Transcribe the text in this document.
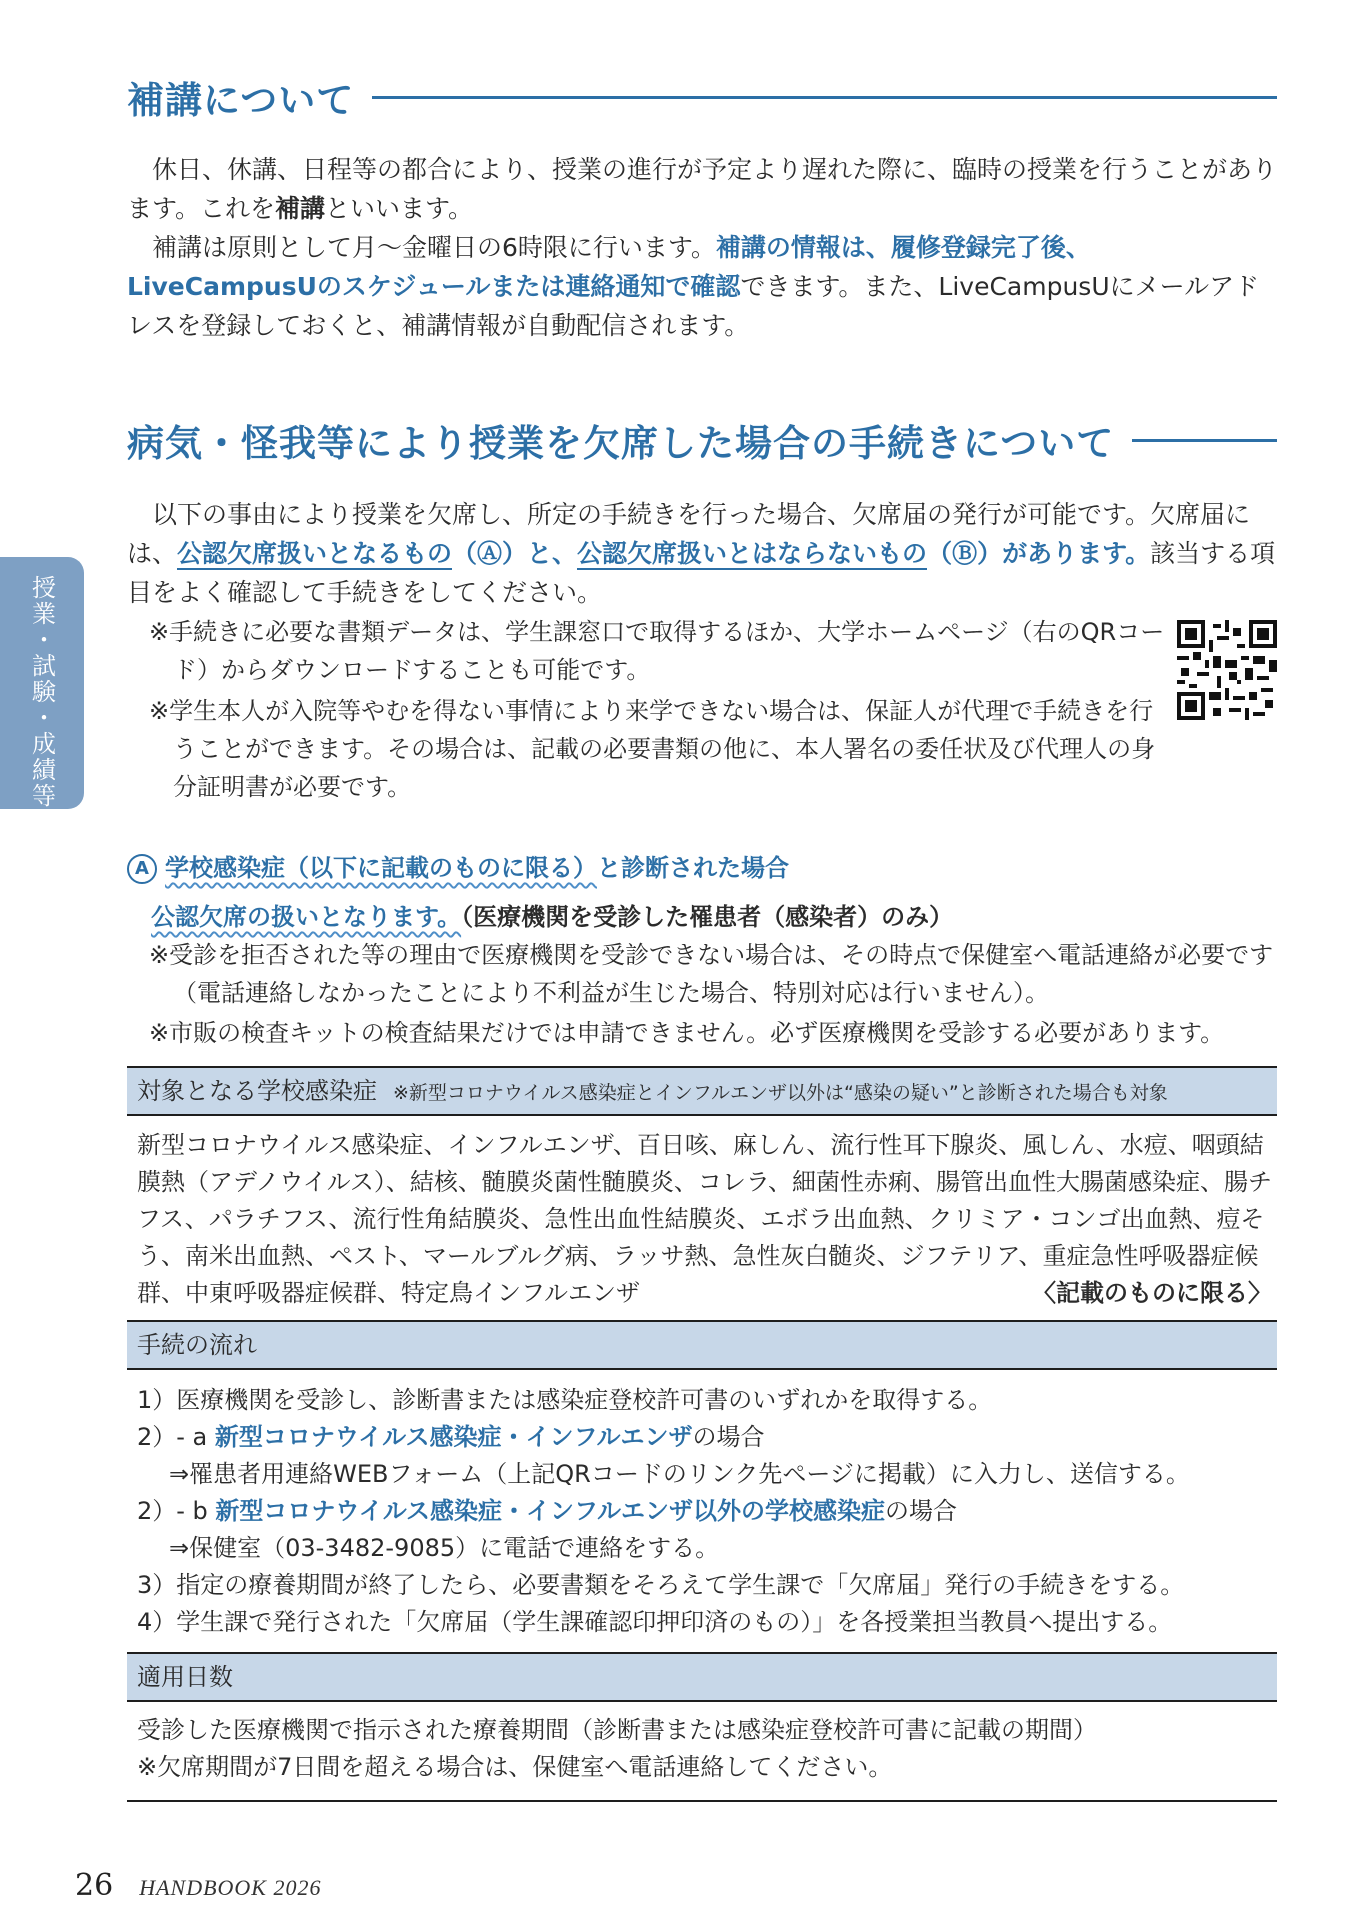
授業・試験・成績等
補講について

休日、休講、日程等の都合により、授業の進行が予定より遅れた際に、臨時の授業を行うことがあります。これを補講といいます。

補講は原則として月～金曜日の6時限に行います。補講の情報は、履修登録完了後、LiveCampusUのスケジュールまたは連絡通知で確認できます。また、LiveCampusUにメールアドレスを登録しておくと、補講情報が自動配信されます。

病気・怪我等により授業を欠席した場合の手続きについて

以下の事由により授業を欠席し、所定の手続きを行った場合、欠席届の発行が可能です。欠席届には、公認欠席扱いとなるもの（Ⓐ）と、公認欠席扱いとはならないもの（Ⓑ）があります。該当する項目をよく確認して手続きをしてください。

※手続きに必要な書類データは、学生課窓口で取得するほか、大学ホームページ（右のQRコード）からダウンロードすることも可能です。

※学生本人が入院等やむを得ない事情により来学できない場合は、保証人が代理で手続きを行うことができます。その場合は、記載の必要書類の他に、本人署名の委任状及び代理人の身分証明書が必要です。

A 学校感染症（以下に記載のものに限る）と診断された場合

公認欠席の扱いとなります。（医療機関を受診した罹患者（感染者）のみ）

※受診を拒否された等の理由で医療機関を受診できない場合は、その時点で保健室へ電話連絡が必要です（電話連絡しなかったことにより不利益が生じた場合、特別対応は行いません）。

※市販の検査キットの検査結果だけでは申請できません。必ず医療機関を受診する必要があります。

対象となる学校感染症 ※新型コロナウイルス感染症とインフルエンザ以外は“感染の疑い”と診断された場合も対象

新型コロナウイルス感染症、インフルエンザ、百日咳、麻しん、流行性耳下腺炎、風しん、水痘、咽頭結膜熱（アデノウイルス）、結核、髄膜炎菌性髄膜炎、コレラ、細菌性赤痢、腸管出血性大腸菌感染症、腸チフス、パラチフス、流行性角結膜炎、急性出血性結膜炎、エボラ出血熱、クリミア・コンゴ出血熱、痘そう、南米出血熱、ペスト、マールブルグ病、ラッサ熱、急性灰白髄炎、ジフテリア、重症急性呼吸器症候群、中東呼吸器症候群、特定鳥インフルエンザ　　	〈記載のものに限る〉

手続の流れ
1）医療機関を受診し、診断書または感染症登校許可書のいずれかを取得する。
2）- a 新型コロナウイルス感染症・インフルエンザの場合
⇒罹患者用連絡WEBフォーム（上記QRコードのリンク先ページに掲載）に入力し、送信する。
2）- b 新型コロナウイルス感染症・インフルエンザ以外の学校感染症の場合
⇒保健室（03-3482-9085）に電話で連絡をする。
3）指定の療養期間が終了したら、必要書類をそろえて学生課で「欠席届」発行の手続きをする。
4）学生課で発行された「欠席届（学生課確認印押印済のもの）」を各授業担当教員へ提出する。
適用日数

受診した医療機関で指示された療養期間（診断書または感染症登校許可書に記載の期間）
※欠席期間が7日間を超える場合は、保健室へ電話連絡してください。

26 HANDBOOK 2026
